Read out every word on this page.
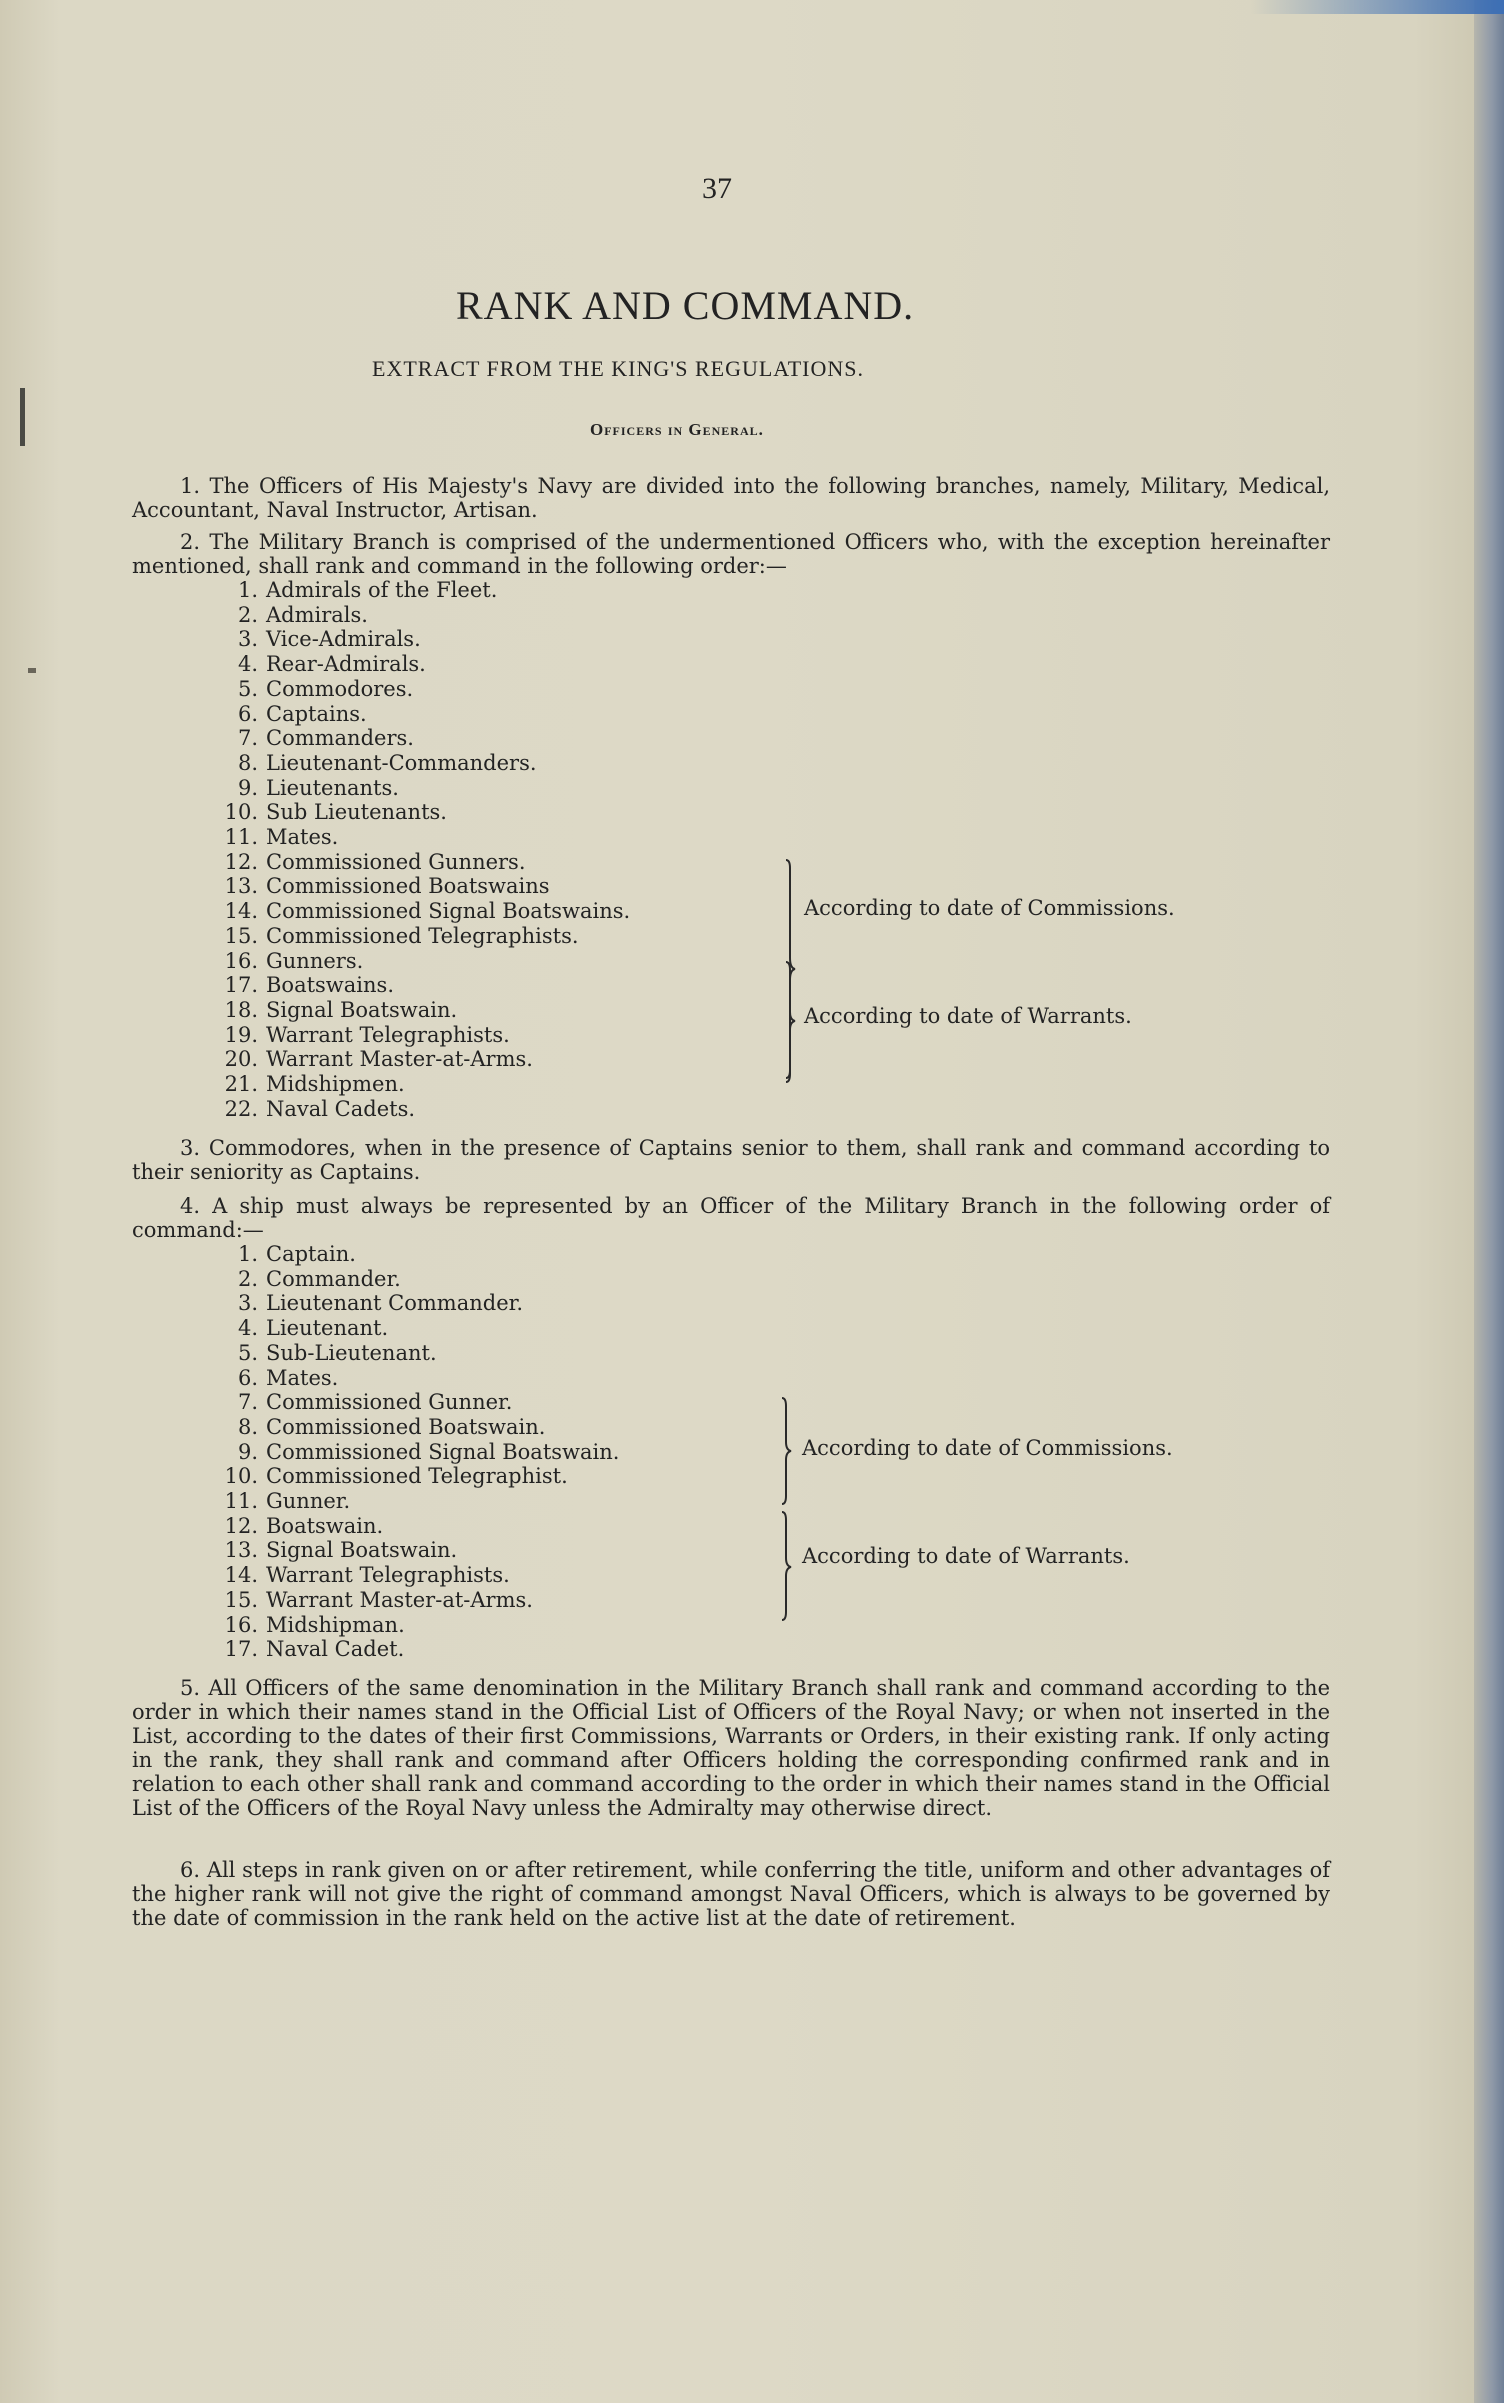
37
RANK AND COMMAND.
EXTRACT FROM THE KING'S REGULATIONS.
Officers in General.
1. The Officers of His Majesty's Navy are divided into the following branches, namely, Military, Medical, Accountant, Naval Instructor, Artisan.
2. The Military Branch is comprised of the undermentioned Officers who, with the exception hereinafter mentioned, shall rank and command in the following order:—
1. Admirals of the Fleet.
2. Admirals.
3. Vice-Admirals.
4. Rear-Admirals.
5. Commodores.
6. Captains.
7. Commanders.
8. Lieutenant-Commanders.
9. Lieutenants.
10. Sub Lieutenants.
11. Mates.
12. Commissioned Gunners.
13. Commissioned Boatswains
14. Commissioned Signal Boatswains.
15. Commissioned Telegraphists.
16. Gunners.
17. Boatswains.
18. Signal Boatswain.
19. Warrant Telegraphists.
20. Warrant Master-at-Arms.
21. Midshipmen.
22. Naval Cadets.
According to date of Commissions.
According to date of Warrants.
3. Commodores, when in the presence of Captains senior to them, shall rank and command according to their seniority as Captains.
4. A ship must always be represented by an Officer of the Military Branch in the following order of command:—
1. Captain.
2. Commander.
3. Lieutenant Commander.
4. Lieutenant.
5. Sub-Lieutenant.
6. Mates.
7. Commissioned Gunner.
8. Commissioned Boatswain.
9. Commissioned Signal Boatswain.
10. Commissioned Telegraphist.
11. Gunner.
12. Boatswain.
13. Signal Boatswain.
14. Warrant Telegraphists.
15. Warrant Master-at-Arms.
16. Midshipman.
17. Naval Cadet.
According to date of Commissions.
According to date of Warrants.
5. All Officers of the same denomination in the Military Branch shall rank and command according to the order in which their names stand in the Official List of Officers of the Royal Navy; or when not inserted in the List, according to the dates of their first Commissions, Warrants or Orders, in their existing rank. If only acting in the rank, they shall rank and command after Officers holding the corresponding confirmed rank and in relation to each other shall rank and command according to the order in which their names stand in the Official List of the Officers of the Royal Navy unless the Admiralty may otherwise direct.
6. All steps in rank given on or after retirement, while conferring the title, uniform and other advantages of the higher rank will not give the right of command amongst Naval Officers, which is always to be governed by the date of commission in the rank held on the active list at the date of retirement.
